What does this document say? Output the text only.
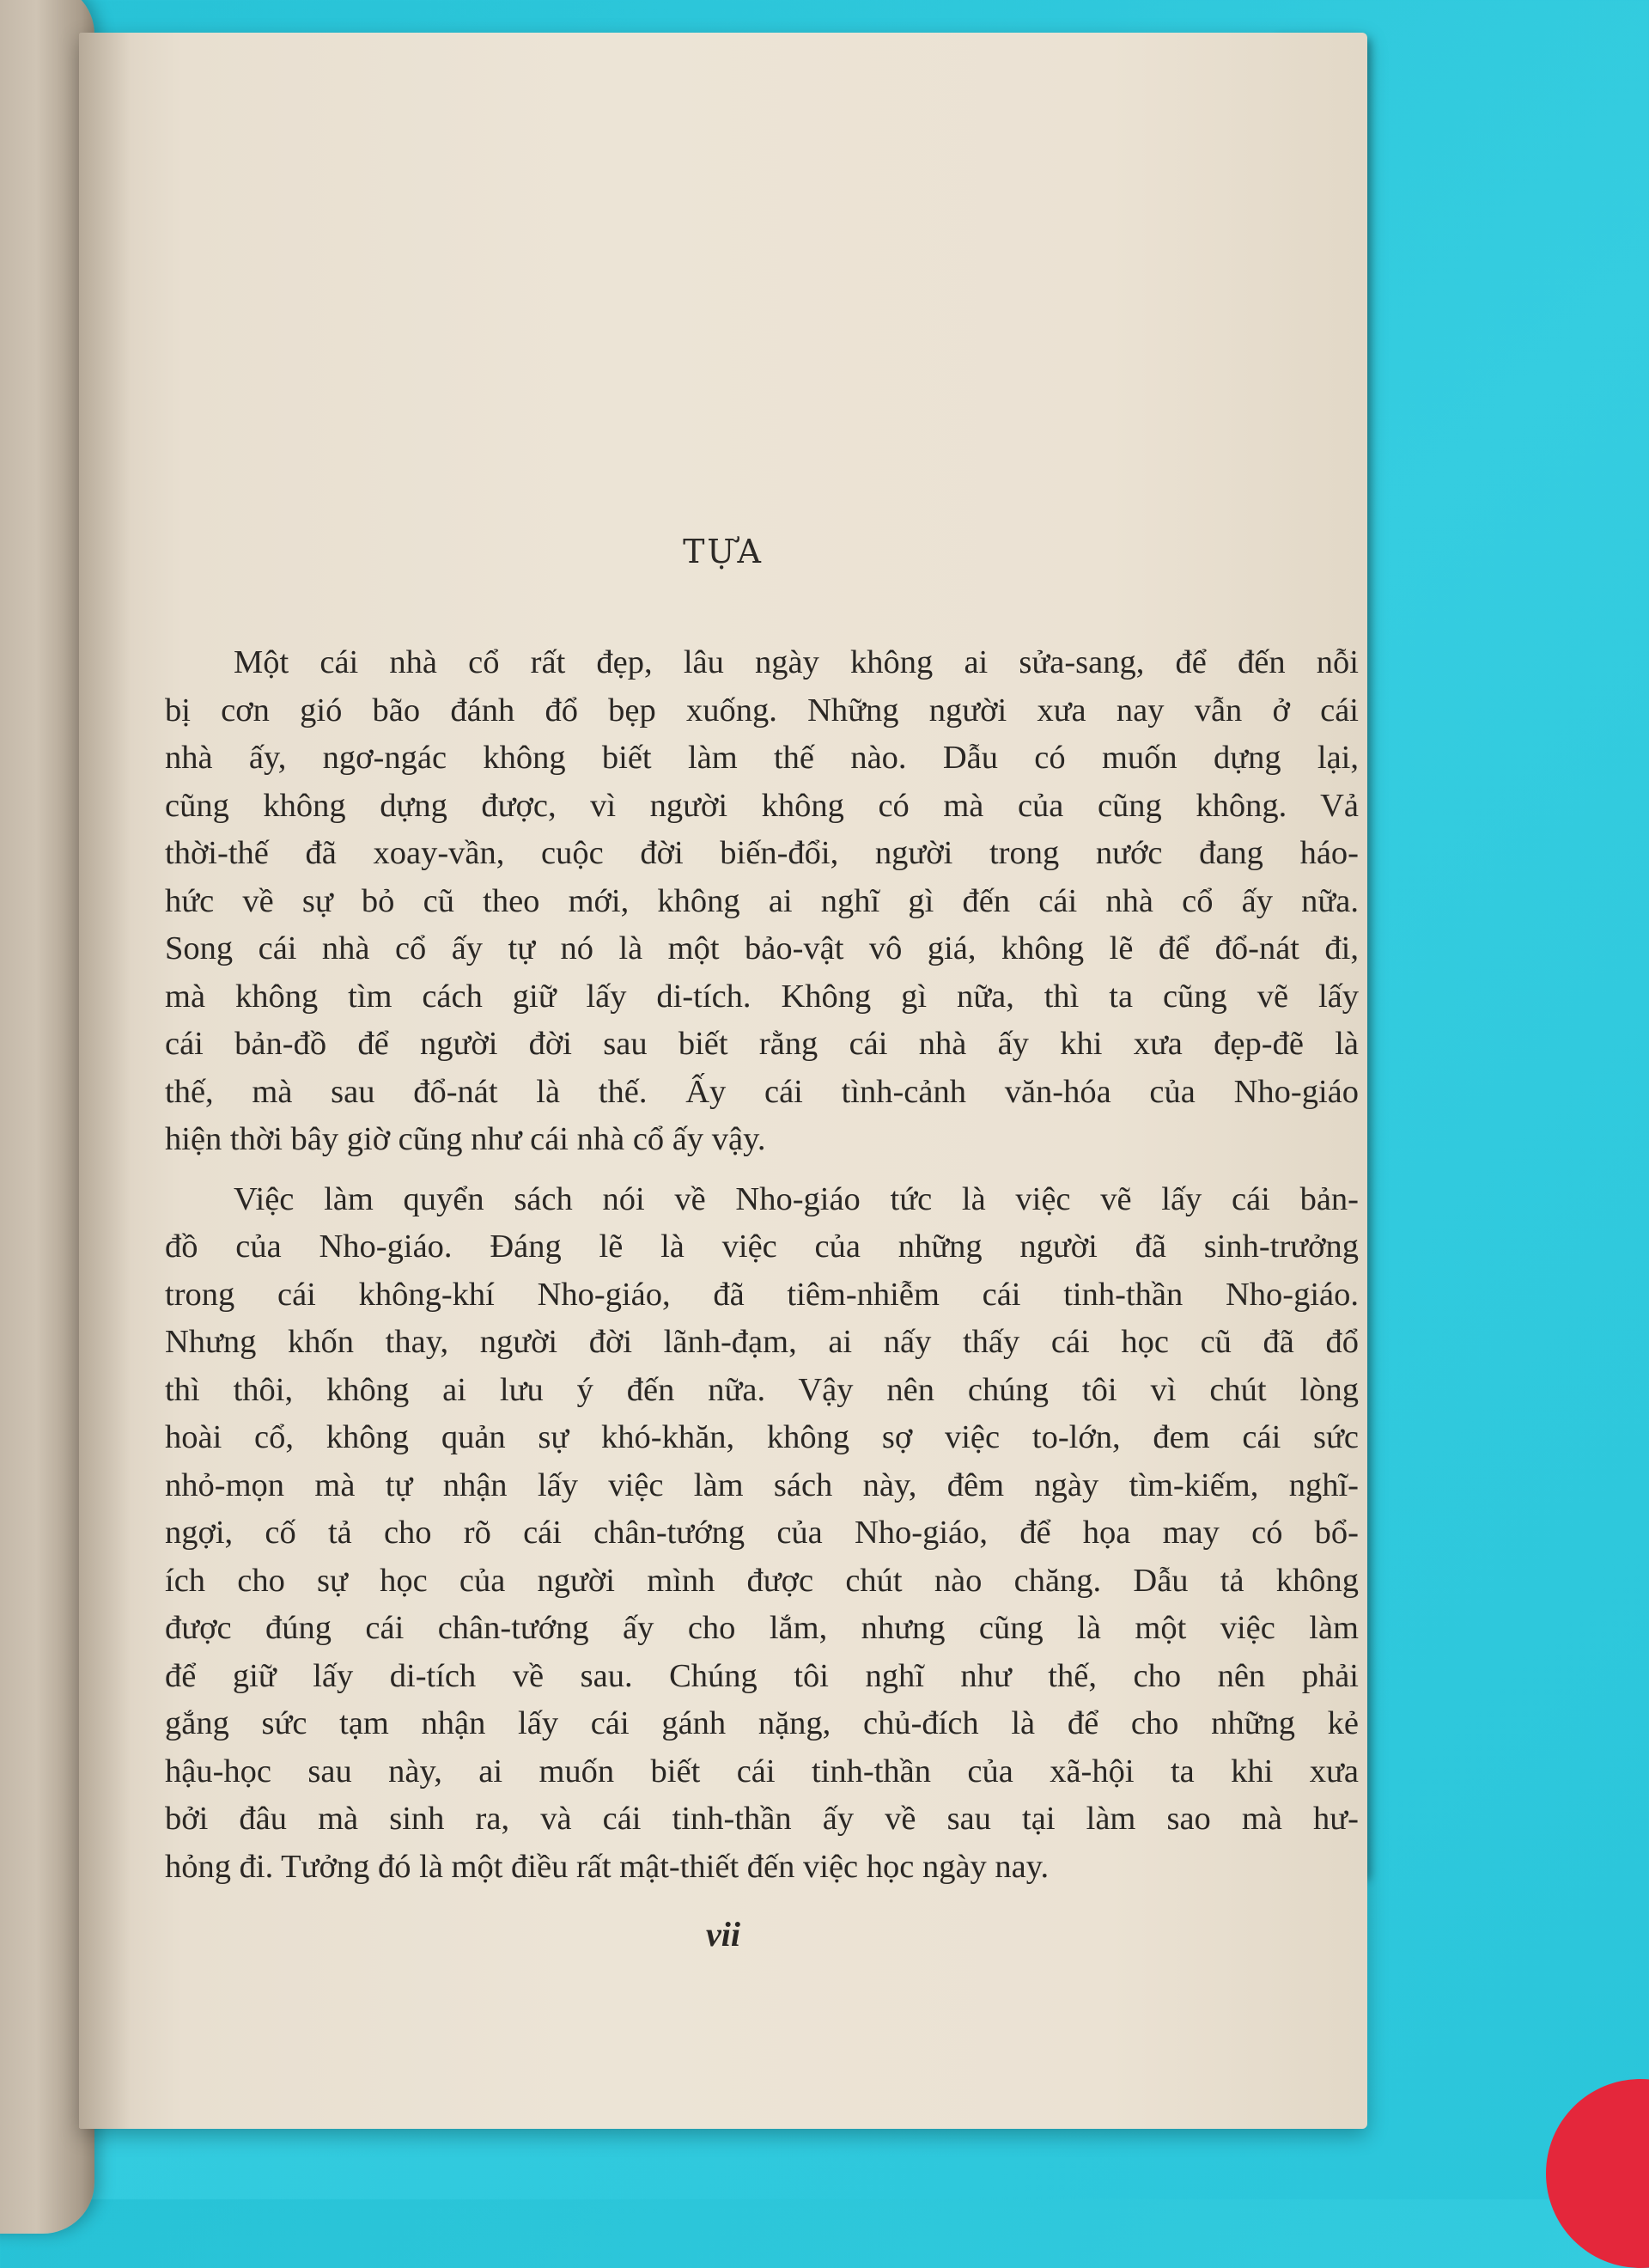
TỰA
Một cái nhà cổ rất đẹp, lâu ngày không ai sửa-sang, để đến nỗi
bị cơn gió bão đánh đổ bẹp xuống. Những người xưa nay vẫn ở cái
nhà ấy, ngơ-ngác không biết làm thế nào. Dẫu có muốn dựng lại,
cũng không dựng được, vì người không có mà của cũng không. Vả
thời-thế đã xoay-vần, cuộc đời biến-đổi, người trong nước đang háo-
hức về sự bỏ cũ theo mới, không ai nghĩ gì đến cái nhà cổ ấy nữa.
Song cái nhà cổ ấy tự nó là một bảo-vật vô giá, không lẽ để đổ-nát đi,
mà không tìm cách giữ lấy di-tích. Không gì nữa, thì ta cũng vẽ lấy
cái bản-đồ để người đời sau biết rằng cái nhà ấy khi xưa đẹp-đẽ là
thế, mà sau đổ-nát là thế. Ấy cái tình-cảnh văn-hóa của Nho-giáo
hiện thời bây giờ cũng như cái nhà cổ ấy vậy.
Việc làm quyển sách nói về Nho-giáo tức là việc vẽ lấy cái bản-
đồ của Nho-giáo. Đáng lẽ là việc của những người đã sinh-trưởng
trong cái không-khí Nho-giáo, đã tiêm-nhiễm cái tinh-thần Nho-giáo.
Nhưng khốn thay, người đời lãnh-đạm, ai nấy thấy cái học cũ đã đổ
thì thôi, không ai lưu ý đến nữa. Vậy nên chúng tôi vì chút lòng
hoài cổ, không quản sự khó-khăn, không sợ việc to-lớn, đem cái sức
nhỏ-mọn mà tự nhận lấy việc làm sách này, đêm ngày tìm-kiếm, nghĩ-
ngợi, cố tả cho rõ cái chân-tướng của Nho-giáo, để họa may có bổ-
ích cho sự học của người mình được chút nào chăng. Dẫu tả không
được đúng cái chân-tướng ấy cho lắm, nhưng cũng là một việc làm
để giữ lấy di-tích về sau. Chúng tôi nghĩ như thế, cho nên phải
gắng sức tạm nhận lấy cái gánh nặng, chủ-đích là để cho những kẻ
hậu-học sau này, ai muốn biết cái tinh-thần của xã-hội ta khi xưa
bởi đâu mà sinh ra, và cái tinh-thần ấy về sau tại làm sao mà hư-
hỏng đi. Tưởng đó là một điều rất mật-thiết đến việc học ngày nay.
vii
